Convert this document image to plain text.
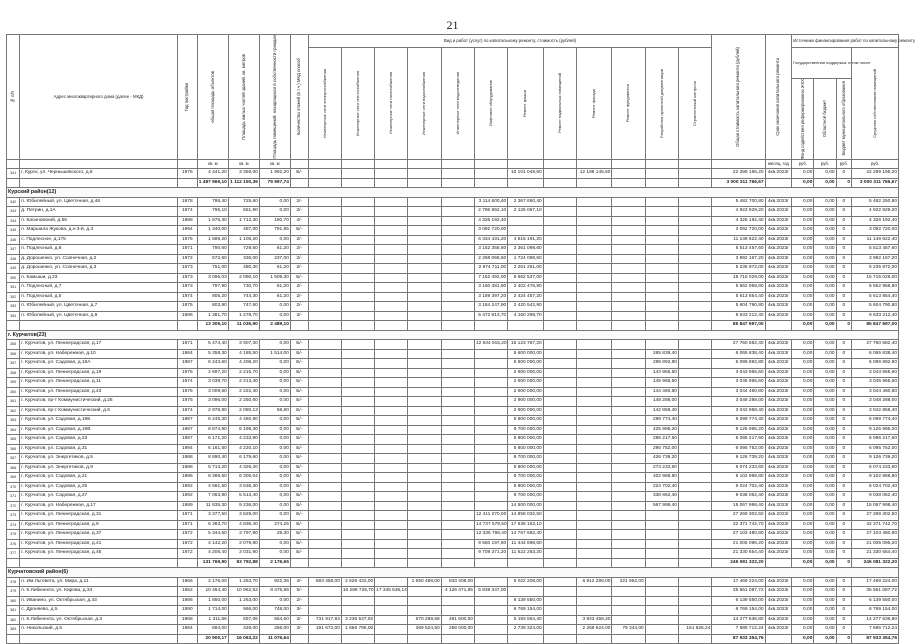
21
№ п/п	Адрес многоквартирного дома (далее - МКД)	Год постройки	общая площадь объектов	Площадь жилых частей зданий, кв. метров	Площадь помещений, находящихся в собственности граждан	Количество этажей (в т.ч.) МКД способ	Вид и работ (услуг) по капитальному ремонту, стоимость (рублей)												Общая стоимость капитального ремонта (рублей)	Срок окончания капитального ремонта	Источники финансирования работ по капитальному ремонту			

							Инженерные сети электроснабжения	Инженерные сети теплоснабжения	Инженерные сети газоснабжения	Инженерные сети водоснабжения	Инженерные сети водоотведения	Лифтовое оборудование	Ремонт крыши	Ремонт подвальных помещений	Ремонт фасада	Ремонт фундамента	Разработка проектной документации	Строительный контроль			Государственная поддержка, в том числе			Средства собственников помещений

																					Фонд содействия реформированию ЖКХ	Областной бюджет	Бюджет муниципального образования	

			кв. м	кв. м	кв. м															месяц, год	руб.	руб.	руб.	руб.
341	г. Курск, ул. Чернышевского, д.8	1976	4 441,20	3 359,00	1 992,20	Б/-							10 101 049,60		12 188 145,60				22 289 195,20	4кв.2023г	0,00	0,00	0	22 289 195,20
			1 487 969,10	1 112 150,39	79 997,74														3 000 311 766,67		0,00	0,00	0	3 000 311 766,67
Курский район(12)																								
342	п. Юбилейный, ул. Цветочная, д.46	1978	786,40	725,60	0,00	2/-						3 114 600,40	2 367 650,40						5 482 700,80	4кв.2023г	0,00	0,00	0	5 482 250,80
343	д. Петрин, д.1А	1974	796,10	651,90	0,00	2/-						2 796 862,10	2 126 067,10						4 922 929,20	4кв.2023г	0,00	0,00	0	4 922 929,20
344	п. Касиновский, д.56	1988	1 875,30	1 713,30	180,70	4/-						4 326 192,40							4 326 192,40	4кв.2023г	0,00	0,00	0	4 326 192,40
345	п. Маршала Жукова, д.н 3-й, д.3	1994	1 340,00	487,00	791,95	Б/-						3 092 720,00							3 092 720,00	4кв.2023г	0,00	0,00	0	3 092 720,00
346	с. Подлесное, д.175	1975	1 589,20	1 105,20	0,00	2/-						6 334 431,20	4 815 191,20						11 149 622,40	4кв.2023г	0,00	0,00	0	11 149 622,40
347	п. Подлесный, д.8	1971	790,60	729,60	61,20	2/-						3 152 358,60	2 361 098,60						5 513 457,60	4кв.2023г	0,00	0,00	0	5 513 457,60
348	д. Дорошенко, ул. Солнечная, д.2	1972	572,60	336,00	237,00	2/-						2 268 068,60	1 724 098,60						3 992 167,20	4кв.2023г	0,00	0,00	0	3 992 167,20
349	д. Дорошенко, ул. Солнечная, д.3	1973	751,00	480,30	61,20	2/-						2 974 711,00	2 261 261,00						5 235 972,00	4кв.2023г	0,00	0,00	0	5 235 972,00
350	п. Камыши, д.23	1973	3 095,03	2 090,10	1 509,30	Б/-						7 152 492,00	8 562 537,00						15 715 029,00	4кв.2023г	0,00	0,00	0	15 715 029,00
351	п. Подлесный, д.7	1973	797,90	730,70	61,20	2/-						3 160 481,90	2 402 476,90						5 562 958,80	4кв.2023г	0,00	0,00	0	5 562 958,80
352	п. Подлесный, д.5	1974	805,20	744,30	61,20	2/-						3 189 397,20	2 424 457,20						5 613 854,40	4кв.2023г	0,00	0,00	0	5 613 854,40
353	п. Юбилейный, ул. Цветочная, д.7	1975	803,90	747,60	0,00	2/-						3 184 247,90	2 420 542,90						5 604 790,80	4кв.2023г	0,00	0,00	0	5 604 790,80
354	п. Юбилейный, ул. Цветочная, д.9	1986	1 381,70	1 278,70	0,00	3/-						5 472 913,70	4 160 298,70						9 633 212,40	4кв.2023г	0,00	0,00	0	9 633 212,40
			13 309,10	11 035,90	2 489,10														85 847 697,00		0,00	0,00	0	85 847 697,00
г. Курчатов(23)																								
355	г. Курчатов, ул. Ленинградская, д.17	1971	5 474,40	3 907,30	0,00	Б/-						12 634 915,20	15 123 767,20						27 760 682,40	4кв.2023г	0,00	0,00	0	27 760 682,40
356	г. Курчатов, ул. Набережная, д.10	1984	5 358,30	4 185,50	1 514,00	Б/-							5 600 000,00				265 838,40		6 065 838,40	4кв.2023г	0,00	0,00	0	6 065 838,40
357	г. Курчатов, ул. Садовая, д.18А	1987	6 243,60	4 408,20	0,00	Б/-							5 600 000,00				299 892,80		6 099 892,80	4кв.2023г	0,00	0,00	0	6 099 892,80
358	г. Курчатов, ул. Ленинградская, д.19	1975	2 697,20	2 215,70	0,00	Б/-							2 900 000,00				143 865,60		3 043 865,60	4кв.2023г	0,00	0,00	0	3 043 865,60
359	г. Курчатов, ул. Ленинградская, д.11	1974	3 039,70	2 213,40	0,00	Б/-							2 900 000,00				145 965,60		3 045 965,60	4кв.2023г	0,00	0,00	0	3 045 965,60
360	г. Курчатов, ул. Ленинградская, д.43	1975	3 009,60	2 222,40	0,00	Б/-							2 900 000,00				144 460,80		3 044 460,80	4кв.2023г	0,00	0,00	0	3 044 460,80
361	г. Курчатов, пр-т Коммунистический, д.25	1975	3 096,00	2 250,60	0,00	Б/-							2 900 000,00				148 288,00		3 048 288,00	4кв.2023г	0,00	0,00	0	3 048 288,00
362	г. Курчатов, пр-т Коммунистический, д.6	1974	2 976,90	2 080,13	58,80	Б/-							2 900 000,00				142 858,40		3 042 858,40	4кв.2023г	0,00	0,00	0	3 042 858,40
363	г. Курчатов, ул. Садовая, д.19Б	1987	6 245,30	4 460,90	0,00	Б/-							5 800 000,00				299 774,40		6 099 774,40	4кв.2023г	0,00	0,00	0	6 099 774,40
364	г. Курчатов, ул. Садовая, д.19В	1987	8 874,90	6 198,30	0,00	Б/-							8 700 000,00				425 995,20		9 125 995,20	4кв.2023г	0,00	0,00	0	9 125 995,20
365	г. Курчатов, ул. Садовая, д.23	1987	6 171,20	4 233,90	0,00	Б/-							5 800 000,00				296 217,60		6 096 217,60	4кв.2023г	0,00	0,00	0	6 096 217,60
366	г. Курчатов, ул. Садовая, д.31	1994	6 161,50	4 220,10	0,00	Б/-							5 800 000,00				295 752,00		6 095 752,00	4кв.2023г	0,00	0,00	0	6 095 752,00
367	г. Курчатов, ул. Энергетиков, д.5	1988	8 890,40	6 179,60	0,00	Б/-							8 700 000,00				426 739,20		9 126 739,20	4кв.2023г	0,00	0,00	0	9 126 739,20
368	г. Курчатов, ул. Энергетиков, д.9	1988	5 713,20	4 326,20	0,00	Б/-							5 800 000,00				274 233,60		6 074 233,60	4кв.2023г	0,00	0,00	0	6 074 233,60
369	г. Курчатов, ул. Садовая, д.21	1986	8 395,60	6 305,04	0,00	Б/-							8 700 000,00				402 988,80		9 102 988,80	4кв.2023г	0,00	0,00	0	9 102 988,80
370	г. Курчатов, ул. Садовая, д.25	1992	4 681,50	3 536,30	0,00	Б/-							5 800 000,00				224 702,40		6 024 702,40	4кв.2023г	0,00	0,00	0	6 024 702,40
371	г. Курчатов, ул. Садовая, д.27	1992	7 063,80	5 513,40	0,00	Б/-							8 700 000,00				338 862,40		9 038 062,40	4кв.2023г	0,00	0,00	0	9 038 062,40
372	г. Курчатов, ул. Набережная, д.17	1989	11 835,30	9 236,00	0,00	Б/-							14 500 000,00				567 998,40		15 067 998,40	4кв.2023г	0,00	0,00	0	15 067 998,40
373	г. Курчатов, ул. Ленинградская, д.31	1971	3 377,50	3 629,00	0,00	Б/-						12 411 270,00	14 858 032,50						27 269 302,50	4кв.2023г	0,00	0,00	0	27 269 302,50
374	г. Курчатов, ул. Ленинградская, д.9	1971	6 383,70	4 836,40	274,25	Б/-						14 737 579,50	17 638 163,10						32 371 742,70	4кв.2023г	0,00	0,00	0	32 371 742,70
375	г. Курчатов, ул. Ленинградская, д.37	1972	5 344,60	3 797,80	29,30	Б/-						12 335 798,40	14 767 682,40						27 103 480,80	4кв.2023г	0,00	0,00	0	27 103 480,80
376	г. Курчатов, ул. Ленинградская, д.41	1972	4 142,20	2 079,80	0,00	Б/-						9 560 197,60	11 444 698,60						21 005 096,20	4кв.2023г	0,00	0,00	0	21 005 096,20
377	г. Курчатов, ул. Ленинградская, д.45	1972	4 206,40	3 031,90	0,00	Б/-						9 708 371,20	11 622 283,20						21 330 654,40	4кв.2023г	0,00	0,00	0	21 330 654,40
			131 769,90	93 792,88	2 176,65														246 081 322,20		0,00	0,00	0	246 081 322,20
Курчатовский район(6)																								
378	п. Им.Льговета, ул. Мира, д.11	1966	2 176,00	1 253,70	922,36	4/-	683 458,00	2 626 432,00		1 650 488,00	833 408,00		5 022 208,00		6 912 288,00	221 952,00			17 469 224,00	4кв.2023г	0,00	0,00	0	17 469 224,00
379	п. К.Либкнехта, ул. Кирова, д.34	1962	10 464,40	10 962,52	8 475,86	5/-		16 289 725,70	17 345 536,14		4 126 471,85	5 839 347,00							35 561 087,72	4кв.2023г	0,00	0,00	0	35 561 087,72
380	п. Иванино, ул. Октябрьская, д.43	1986	1 850,00	1 263,00	0,00	2/-							6 139 550,00						6 139 550,00	4кв.2023г	0,00	0,00	0	6 139 550,00
381	с. Дроняево, д.5	1990	1 714,00	966,00	748,00	3/-							6 769 154,00						6 769 154,00	4кв.2023г	0,00	0,00	0	6 769 154,00
382	п. К.Либкнехта, ул. Октябрьская, д.3	1968	1 311,66	657,06	654,60	3/-	731 917,84	3 236 537,92		670 288,68	491 600,50		5 193 564,40		3 943 458,40				14 277 636,80	4кв.2023г	0,00	0,00	0	14 277 636,80
383	п. Никольский, д.5	1984	684,00	428,00	256,00	3/-	191 672,00	1 666 796,00		369 524,50	258 000,00		2 739 324,00		2 259 624,00	79 344,00		151 626,24	7 685 712,24	4кв.2023г	0,00	0,00	0	7 685 712,24
			20 900,17	16 063,22	11 076,64														87 933 354,76		0,00	0,00	0	87 933 354,76
